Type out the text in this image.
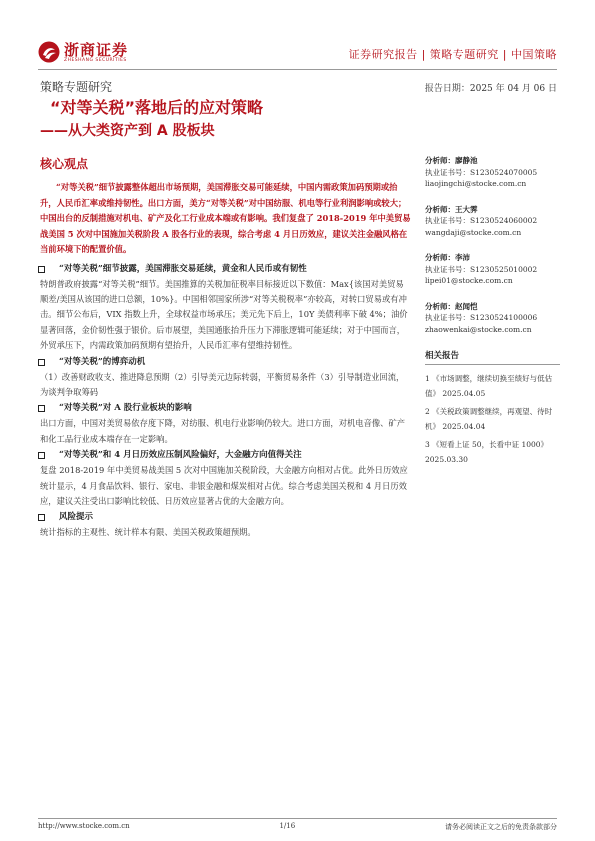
浙商证券
ZHESHANG SECURITIES	证券研究报告 | 策略专题研究 | 中国策略
策略专题研究	报告日期：2025 年 04 月 06 日
“对等关税”落地后的应对策略
——从大类资产到 A 股板块
核心观点
“对等关税”细节披露整体超出市场预期，美国滞胀交易可能延续，中国内需政策加码预期或抬升，人民币汇率或维持韧性。出口方面，美方“对等关税”对中国纺服、机电等行业利润影响或较大；中国出台的反制措施对机电、矿产及化工行业成本端或有影响。我们复盘了 2018-2019 年中美贸易战美国 5 次对中国施加关税阶段 A 股各行业的表现，综合考虑 4 月日历效应，建议关注金融风格在当前环境下的配置价值。
“对等关税”细节披露，美国滞胀交易延续，黄金和人民币或有韧性
特朗普政府披露“对等关税”细节。美国推算的关税加征税率目标接近以下数值：Max{该国对美贸易顺差/美国从该国的进口总额，10%}。中国相邻国家所涉“对等关税税率”亦较高，对转口贸易或有冲击。细节公布后，VIX 指数上升，全球权益市场承压；美元先下后上，10Y 美债利率下破 4%；油价显著回落，金价韧性强于银价。后市展望，美国通胀抬升压力下滞胀逻辑可能延续；对于中国而言，外贸承压下，内需政策加码预期有望抬升，人民币汇率有望维持韧性。
“对等关税”的博弈动机
（1）改善财政收支、推进降息预期（2）引导美元边际转弱，平衡贸易条件（3）引导制造业回流，为谈判争取筹码
“对等关税”对 A 股行业板块的影响
出口方面，中国对美贸易依存度下降，对纺服、机电行业影响仍较大。进口方面，对机电音像、矿产和化工品行业成本端存在一定影响。
“对等关税”和 4 月日历效应压制风险偏好，大金融方向值得关注
复盘 2018-2019 年中美贸易战美国 5 次对中国施加关税阶段，大金融方向相对占优。此外日历效应统计显示，4 月食品饮料、银行、家电、非银金融和煤炭相对占优。综合考虑美国关税和 4 月日历效应，建议关注受出口影响比较低、日历效应显著占优的大金融方向。
风险提示
统计指标的主观性、统计样本有限、美国关税政策超预期。
分析师：廖静池
执业证书号：S1230524070005
liaojingchi@stocke.com.cn
分析师：王大霁
执业证书号：S1230524060002
wangdaji@stocke.com.cn
分析师：李沛
执业证书号：S1230525010002
lipei01@stocke.com.cn
分析师：赵闻恺
执业证书号：S1230524100006
zhaowenkai@stocke.com.cn
相关报告
1 《市场调整，继续切换至绩好与低估值》 2025.04.05
2 《关税政策调整继续，再观望、待时机》 2025.04.04
3 《短看上证 50，长看中证 1000》 2025.03.30
http://www.stocke.com.cn	1/16	请务必阅读正文之后的免责条款部分
